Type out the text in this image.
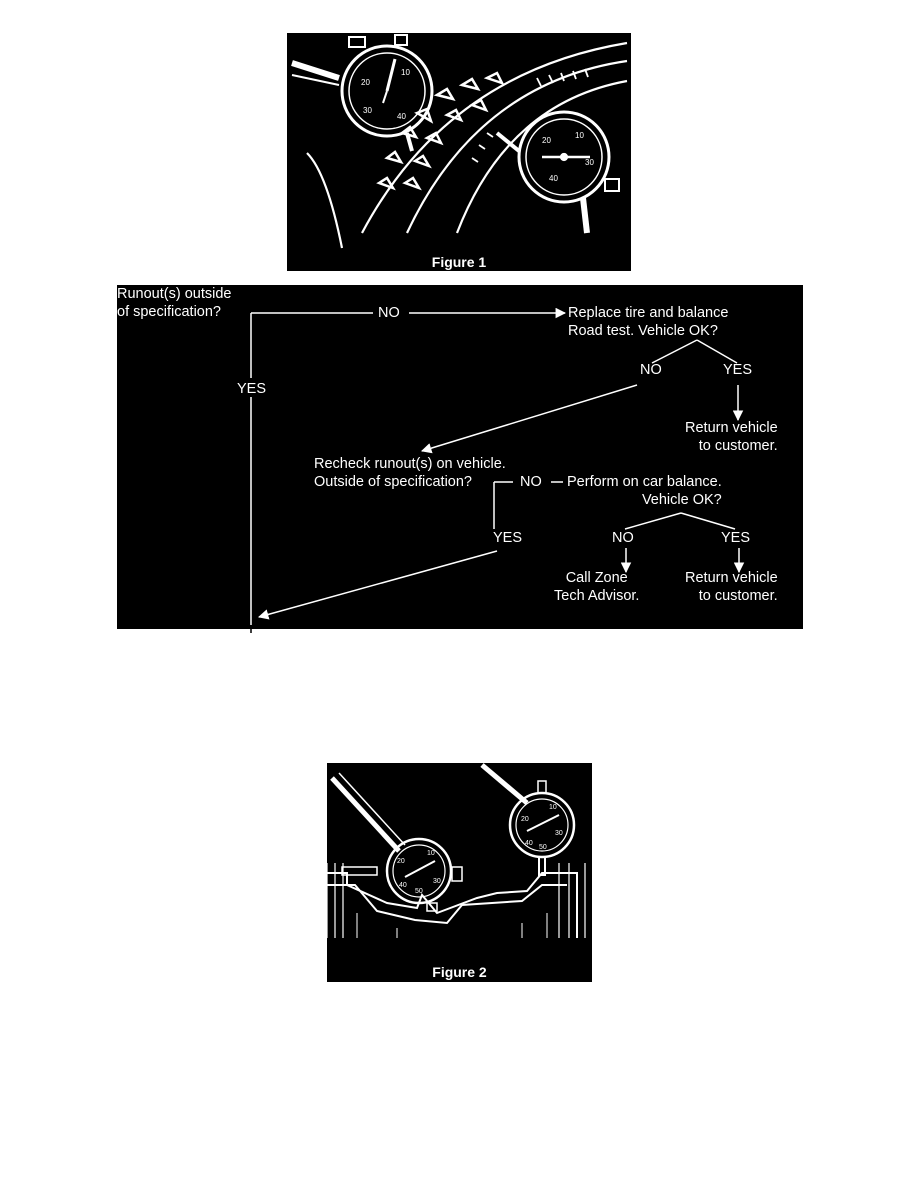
10
20
30
40
10
20
30
40
Figure 1
Runout(s) outside
of specification?	NO
YES
Replace tire and balance
Road test. Vehicle OK?
NO	YES
Return vehicle
to customer.
Recheck runout(s) on vehicle.
Outside of specification?	NO Perform on car balance.
Vehicle OK?
YES	NO	YES
Call Zone
Tech Advisor.
Return vehicle
to customer.
10
20
30
40
50
10
20
30
40
50
Figure 2
